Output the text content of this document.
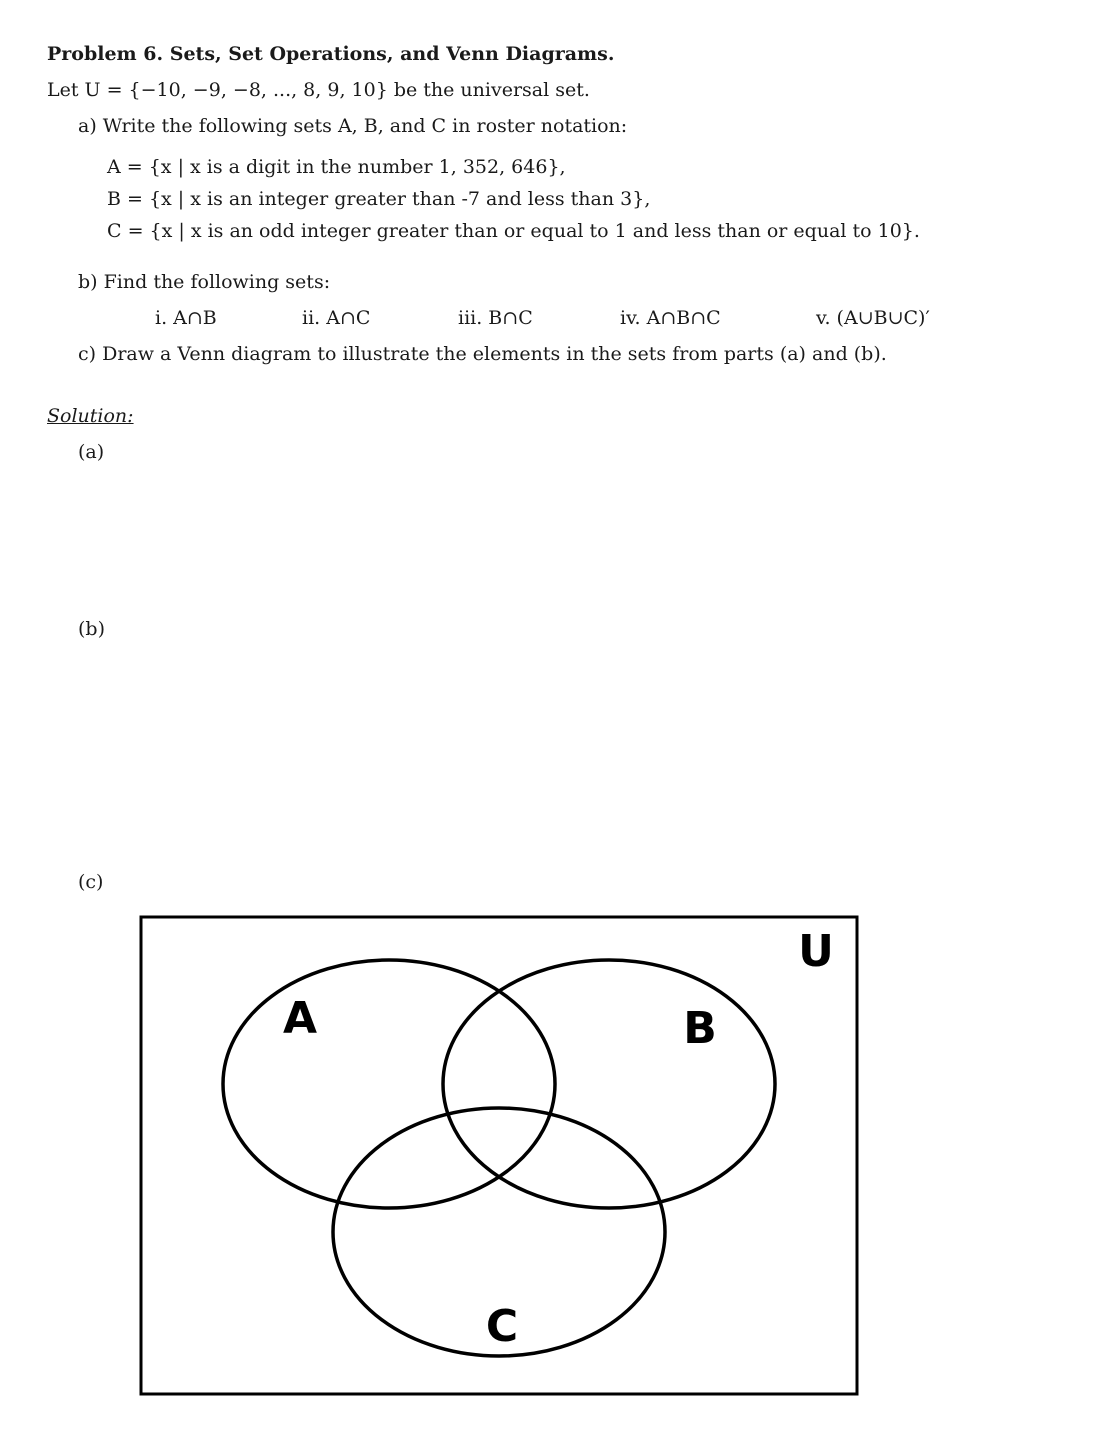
Problem 6. Sets, Set Operations, and Venn Diagrams.
Let U = {−10, −9, −8, ..., 8, 9, 10} be the universal set.
a) Write the following sets A, B, and C in roster notation:
A = {x | x is a digit in the number 1, 352, 646},
B = {x | x is an integer greater than -7 and less than 3},
C = {x | x is an odd integer greater than or equal to 1 and less than or equal to 10}.
b) Find the following sets:
i. A∩B	ii. A∩C	iii. B∩C	iv. A∩B∩C	v. (A∪B∪C)′
c) Draw a Venn diagram to illustrate the elements in the sets from parts (a) and (b).
Solution:
(a)
(b)
(c)
U
A	B
C
